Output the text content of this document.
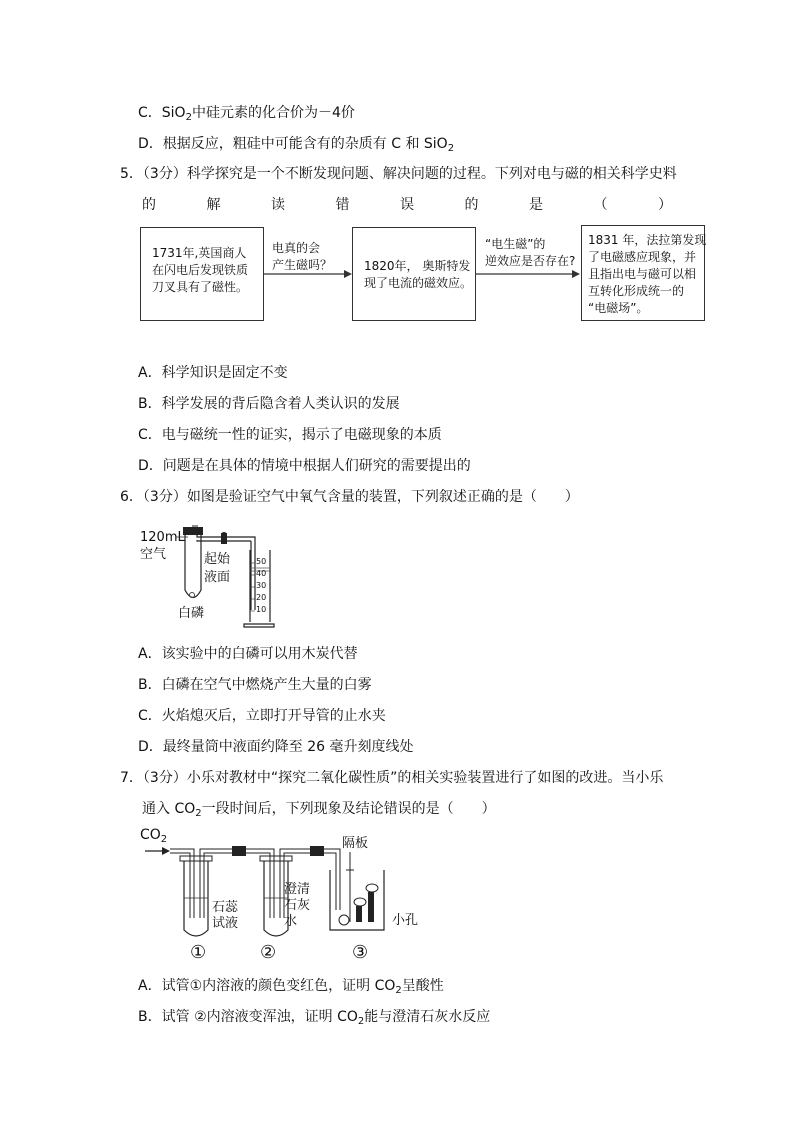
C．SiO$_2$中硅元素的化合价为－4价
D．根据反应，粗硅中可能含有的杂质有 C 和 SiO$_2$
5．（3分）科学探究是一个不断发现问题、解决问题的过程。下列对电与磁的相关科学史料
的	解	读	错	误	的	是	（	）
1731年,英国商人
在闪电后发现铁质
刀叉具有了磁性。
电真的会
产生磁吗？	1820年， 奥斯特发
现了电流的磁效应。
“电生磁”的
逆效应是否存在?
1831 年，法拉第发现
了电磁感应现象，并
且指出电与磁可以相
互转化形成统一的
“电磁场”。
A．科学知识是固定不变
B．科学发展的背后隐含着人类认识的发展
C．电与磁统一性的证实，揭示了电磁现象的本质
D．问题是在具体的情境中根据人们研究的需要提出的
6．（3分）如图是验证空气中氧气含量的装置，下列叙述正确的是（　　）
50
40
30
20
10
120mL
空气	起始
液面
白磷
A．该实验中的白磷可以用木炭代替
B．白磷在空气中燃烧产生大量的白雾
C．火焰熄灭后，立即打开导管的止水夹
D．最终量筒中液面约降至 26 毫升刻度线处
7．（3分）小乐对教材中“探究二氧化碳性质”的相关实验装置进行了如图的改进。当小乐
通入 $CO_2$一段时间后，下列现象及结论错误的是（　　）
$CO_2$	隔板
石蕊
试液
澄清
石灰
水	小孔
①	②	③
A．试管①内溶液的颜色变红色，证明 $CO_2$呈酸性
B．试管 ②内溶液变浑浊，证明 $CO_2$能与澄清石灰水反应
